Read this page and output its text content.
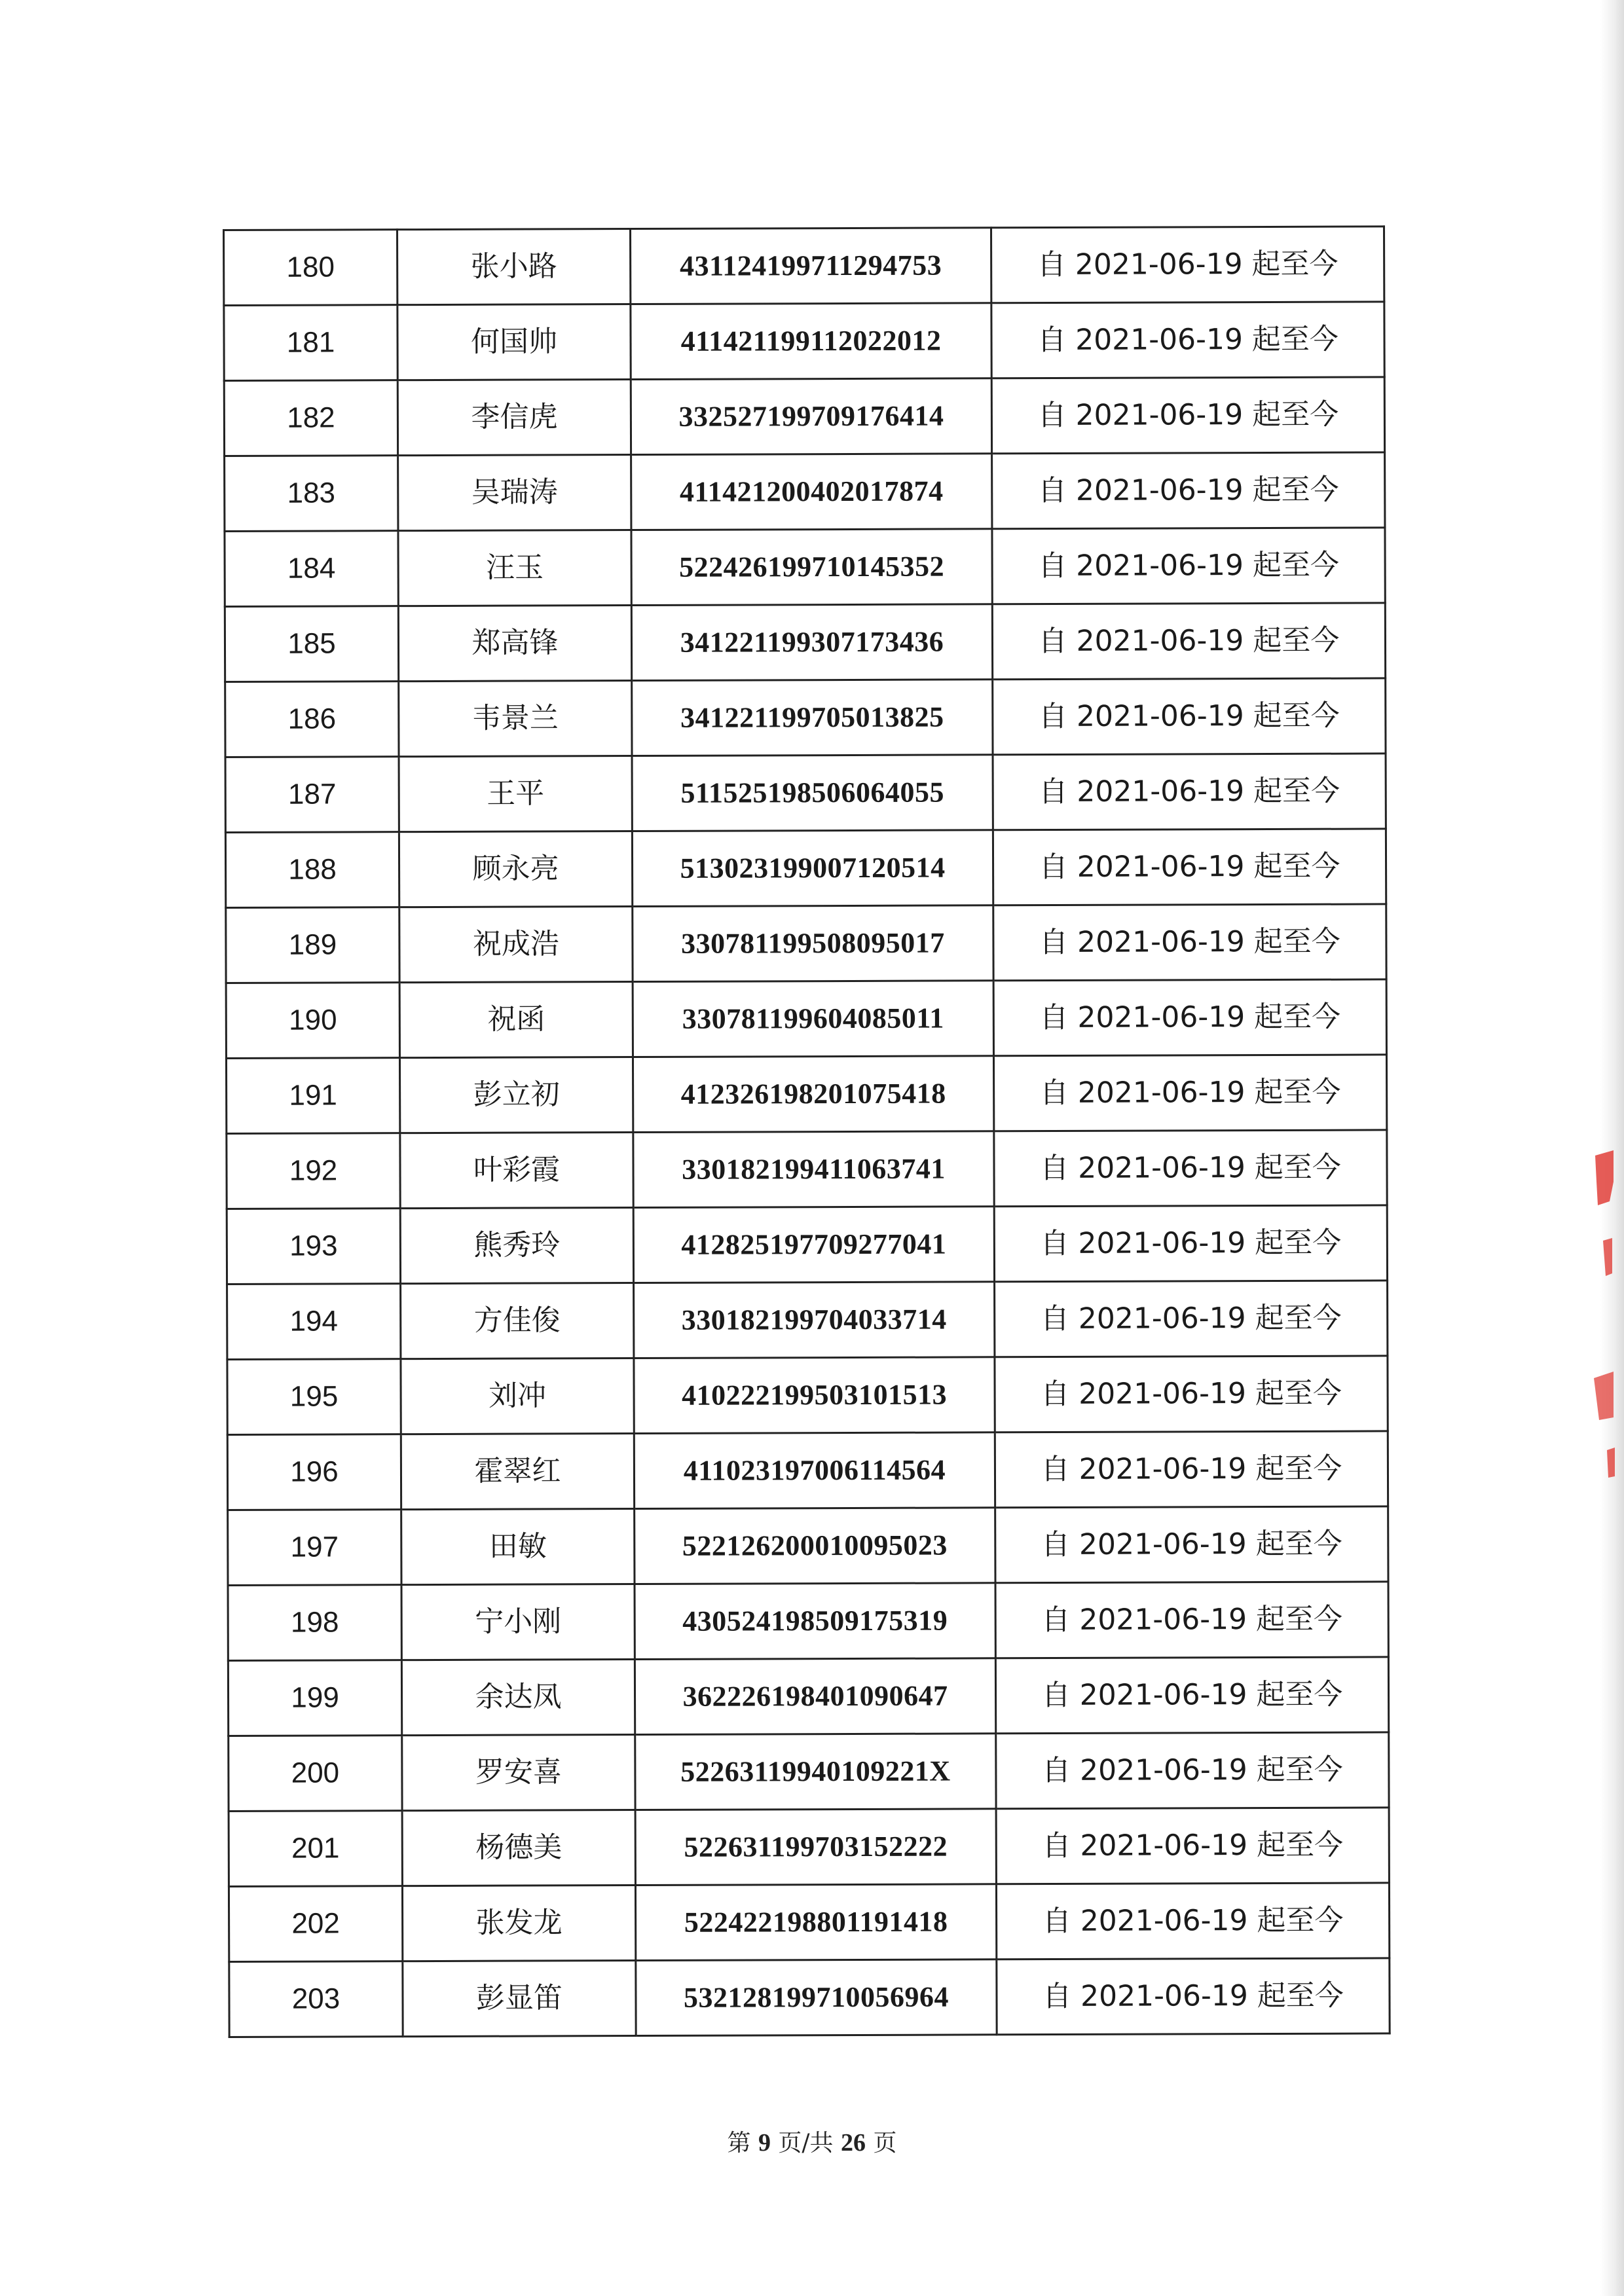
180	张小路	431124199711294753	自 2021-06-19 起至今
181	何国帅	411421199112022012	自 2021-06-19 起至今
182	李信虎	332527199709176414	自 2021-06-19 起至今
183	吴瑞涛	411421200402017874	自 2021-06-19 起至今
184	汪玉	522426199710145352	自 2021-06-19 起至今
185	郑高锋	341221199307173436	自 2021-06-19 起至今
186	韦景兰	341221199705013825	自 2021-06-19 起至今
187	王平	511525198506064055	自 2021-06-19 起至今
188	顾永亮	513023199007120514	自 2021-06-19 起至今
189	祝成浩	330781199508095017	自 2021-06-19 起至今
190	祝函	330781199604085011	自 2021-06-19 起至今
191	彭立初	412326198201075418	自 2021-06-19 起至今
192	叶彩霞	330182199411063741	自 2021-06-19 起至今
193	熊秀玲	412825197709277041	自 2021-06-19 起至今
194	方佳俊	330182199704033714	自 2021-06-19 起至今
195	刘冲	410222199503101513	自 2021-06-19 起至今
196	霍翠红	411023197006114564	自 2021-06-19 起至今
197	田敏	522126200010095023	自 2021-06-19 起至今
198	宁小刚	430524198509175319	自 2021-06-19 起至今
199	余达凤	362226198401090647	自 2021-06-19 起至今
200	罗安喜	52263119940109221X	自 2021-06-19 起至今
201	杨德美	522631199703152222	自 2021-06-19 起至今
202	张发龙	522422198801191418	自 2021-06-19 起至今
203	彭显笛	532128199710056964	自 2021-06-19 起至今
第 9 页/共 26 页
